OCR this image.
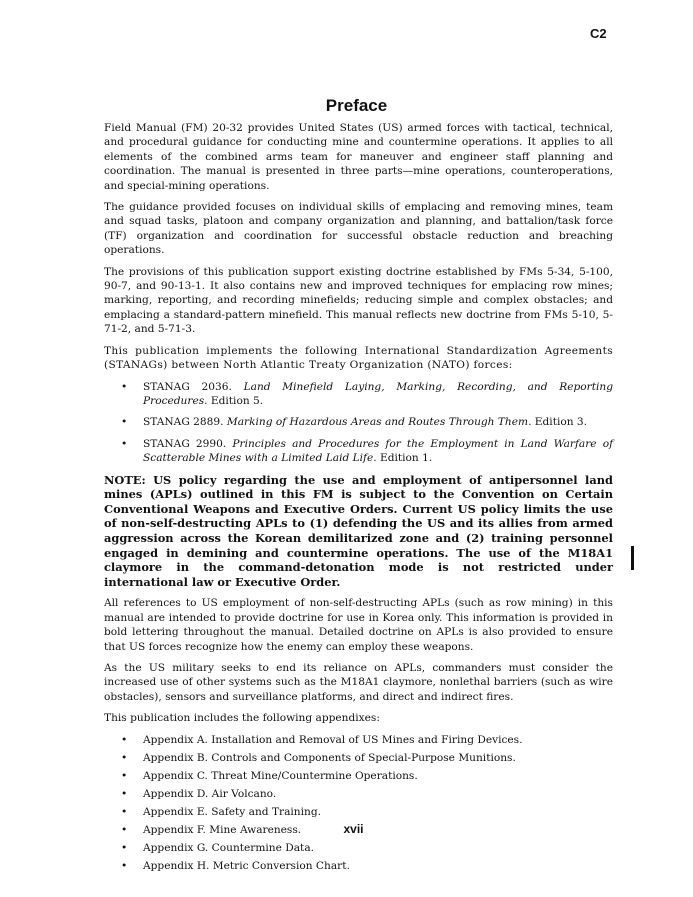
C2
Preface

Field Manual (FM) 20-32 provides United States (US) armed forces with tactical, technical, and procedural guidance for conducting mine and countermine operations. It applies to all elements of the combined arms team for maneuver and engineer staff planning and coordination. The manual is presented in three parts—mine operations, counteroperations, and special-mining operations.

The guidance provided focuses on individual skills of emplacing and removing mines, team and squad tasks, platoon and company organization and planning, and battalion/task force (TF) organization and coordination for successful obstacle reduction and breaching operations.

The provisions of this publication support existing doctrine established by FMs 5-34, 5-100, 90-7, and 90-13-1. It also contains new and improved techniques for emplacing row mines; marking, reporting, and recording minefields; reducing simple and complex obstacles; and emplacing a standard-pattern minefield. This manual reflects new doctrine from FMs 5-10, 5-71-2, and 5-71-3.

This publication implements the following International Standardization Agreements (STANAGs) between North Atlantic Treaty Organization (NATO) forces:

• STANAG 2036. Land Minefield Laying, Marking, Recording, and Reporting Procedures. Edition 5.
• STANAG 2889. Marking of Hazardous Areas and Routes Through Them. Edition 3.
• STANAG 2990. Principles and Procedures for the Employment in Land Warfare of Scatterable Mines with a Limited Laid Life. Edition 1.

NOTE: US policy regarding the use and employment of antipersonnel land mines (APLs) outlined in this FM is subject to the Convention on Certain Conventional Weapons and Executive Orders. Current US policy limits the use of non-self-destructing APLs to (1) defending the US and its allies from armed aggression across the Korean demilitarized zone and (2) training personnel engaged in demining and countermine operations. The use of the M18A1 claymore in the command-detonation mode is not restricted under international law or Executive Order.

All references to US employment of non-self-destructing APLs (such as row mining) in this manual are intended to provide doctrine for use in Korea only. This information is provided in bold lettering throughout the manual. Detailed doctrine on APLs is also provided to ensure that US forces recognize how the enemy can employ these weapons.

As the US military seeks to end its reliance on APLs, commanders must consider the increased use of other systems such as the M18A1 claymore, nonlethal barriers (such as wire obstacles), sensors and surveillance platforms, and direct and indirect fires.

This publication includes the following appendixes:

• Appendix A. Installation and Removal of US Mines and Firing Devices.
• Appendix B. Controls and Components of Special-Purpose Munitions.
• Appendix C. Threat Mine/Countermine Operations.
• Appendix D. Air Volcano.
• Appendix E. Safety and Training.
• Appendix F. Mine Awareness.
• Appendix G. Countermine Data.
• Appendix H. Metric Conversion Chart.
xvii
